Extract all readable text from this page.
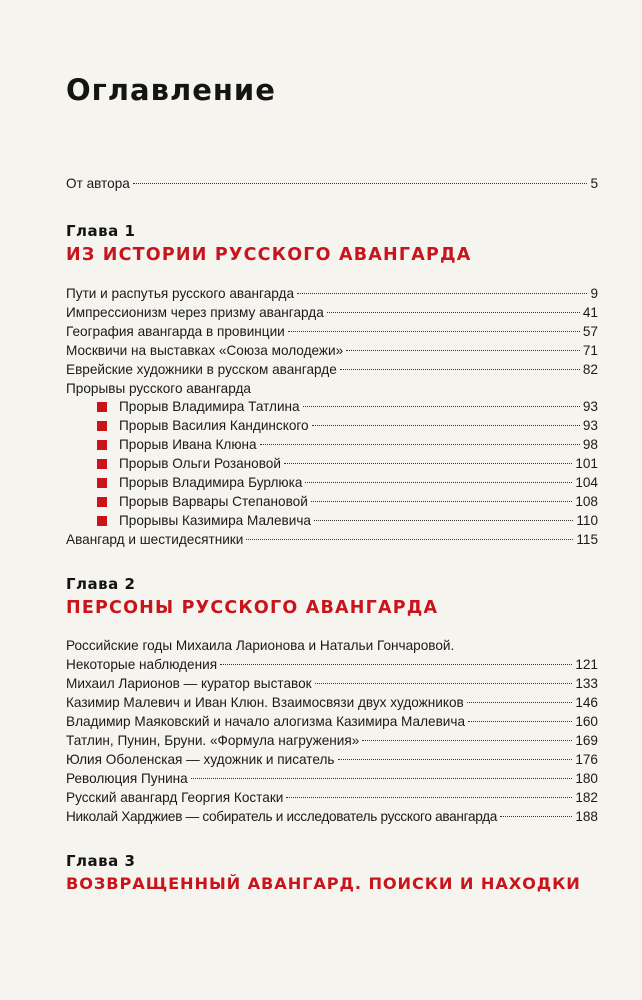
Оглавление
От автора	5
Глава 1
ИЗ ИСТОРИИ РУССКОГО АВАНГАРДА
Пути и распутья русского авангарда	9
Импрессионизм через призму авангарда	41
География авангарда в провинции	57
Москвичи на выставках «Союза молодежи»	71
Еврейские художники в русском авангарде	82
Прорывы русского авангарда
Прорыв Владимира Татлина	93
Прорыв Василия Кандинского	93
Прорыв Ивана Клюна	98
Прорыв Ольги Розановой	101
Прорыв Владимира Бурлюка	104
Прорыв Варвары Степановой	108
Прорывы Казимира Малевича	110
Авангард и шестидесятники	115
Глава 2
ПЕРСОНЫ РУССКОГО АВАНГАРДА
Российские годы Михаила Ларионова и Натальи Гончаровой.
Некоторые наблюдения	121
Михаил Ларионов — куратор выставок	133
Казимир Малевич и Иван Клюн. Взаимосвязи двух художников	146
Владимир Маяковский и начало алогизма Казимира Малевича	160
Татлин, Пунин, Бруни. «Формула нагружения»	169
Юлия Оболенская — художник и писатель	176
Революция Пунина	180
Русский авангард Георгия Костаки	182
Николай Харджиев — собиратель и исследователь русского авангарда	188
Глава 3
ВОЗВРАЩЕННЫЙ АВАНГАРД. ПОИСКИ И НАХОДКИ
